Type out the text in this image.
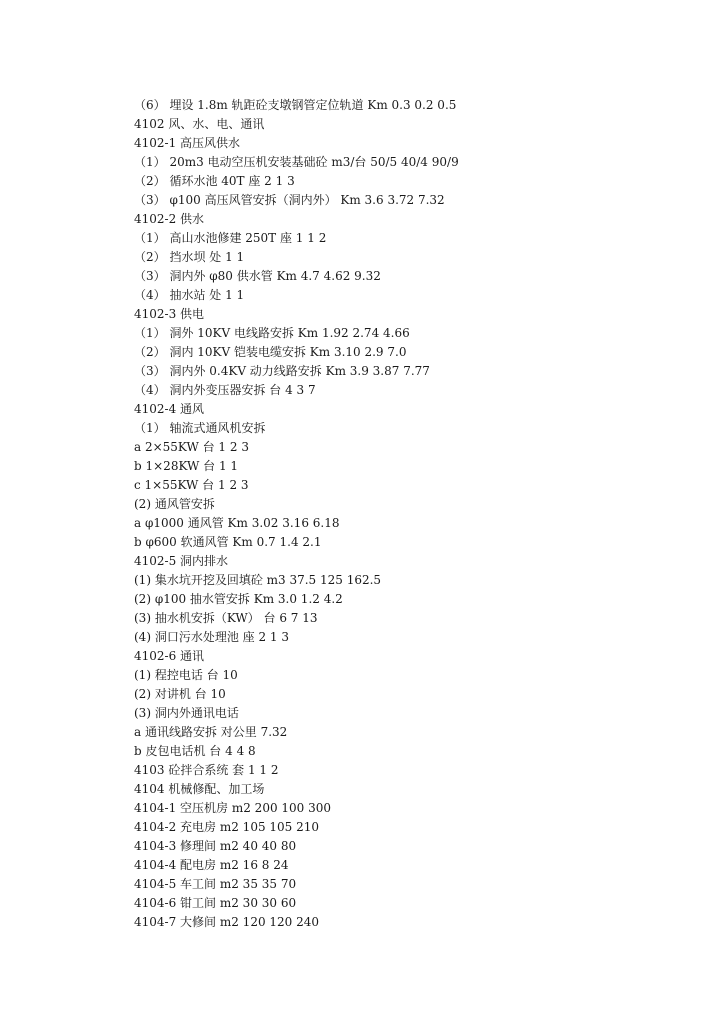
（6） 埋设 1.8m 轨距砼支墩钢管定位轨道 Km 0.3 0.2 0.5
4102 风、水、电、通讯
4102-1 高压风供水
（1） 20m3 电动空压机安装基础砼 m3/台 50/5 40/4 90/9
（2） 循环水池 40T 座 2 1 3
（3） φ100 高压风管安拆（洞内外） Km 3.6 3.72 7.32
4102-2 供水
（1） 高山水池修建 250T 座 1 1 2
（2） 挡水坝 处 1 1
（3） 洞内外 φ80 供水管 Km 4.7 4.62 9.32
（4） 抽水站 处 1 1
4102-3 供电
（1） 洞外 10KV 电线路安拆 Km 1.92 2.74 4.66
（2） 洞内 10KV 铠装电缆安拆 Km 3.10 2.9 7.0
（3） 洞内外 0.4KV 动力线路安拆 Km 3.9 3.87 7.77
（4） 洞内外变压器安拆 台 4 3 7
4102-4 通风
（1） 轴流式通风机安拆
a 2×55KW 台 1 2 3
b 1×28KW 台 1 1
c 1×55KW 台 1 2 3
(2) 通风管安拆
a φ1000 通风管 Km 3.02 3.16 6.18
b φ600 软通风管 Km 0.7 1.4 2.1
4102-5 洞内排水
(1) 集水坑开挖及回填砼 m3 37.5 125 162.5
(2) φ100 抽水管安拆 Km 3.0 1.2 4.2
(3) 抽水机安拆（KW） 台 6 7 13
(4) 洞口污水处理池 座 2 1 3
4102-6 通讯
(1) 程控电话 台 10
(2) 对讲机 台 10
(3) 洞内外通讯电话
a 通讯线路安拆 对公里 7.32
b 皮包电话机 台 4 4 8
4103 砼拌合系统 套 1 1 2
4104 机械修配、加工场
4104-1 空压机房 m2 200 100 300
4104-2 充电房 m2 105 105 210
4104-3 修理间 m2 40 40 80
4104-4 配电房 m2 16 8 24
4104-5 车工间 m2 35 35 70
4104-6 钳工间 m2 30 30 60
4104-7 大修间 m2 120 120 240
